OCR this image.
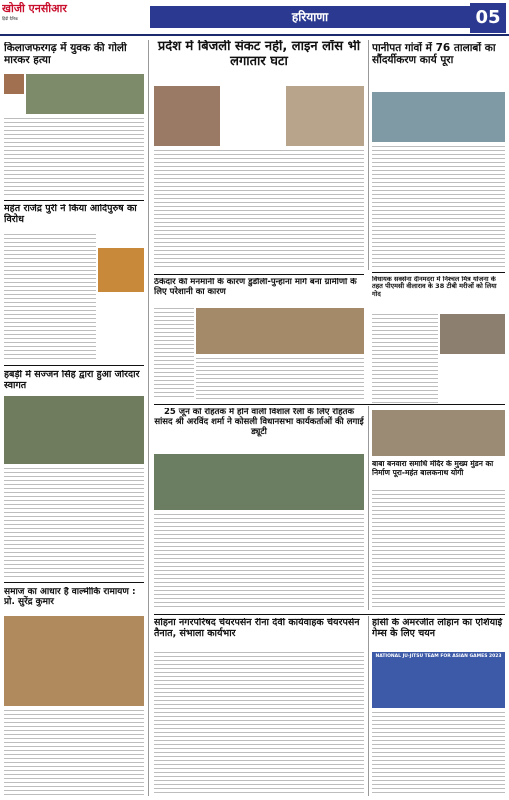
खोजी एनसीआर
हिंदी दैनिक	हरियाणा	05
किलाजफरगढ़ में युवक की गोली मारकर हत्या
महंत राजेंद्र पुरी ने किया आदिपुरुष का विरोध
हबड़ी में सज्जन सिंह द्वारा हुआ जोरदार स्वागत
समाज का आधार है वाल्मीकि रामायण : प्रो. सुरेंद्र कुमार
प्रदेश में बिजली संकट नहीं, लाइन लॉस भी लगातार घटा
ठेकेदार की मनमानी के कारण डुडौली-पुन्हाना मार्ग बना ग्रामीणों के लिए परेशानी का कारण
पानीपत गांवों में 76 तालाबों का सौंदर्यीकरण कार्य पूरा
विधायक सक्सेना दीनमदरा में निश्चल मित्र योजना के तहत पीएमसी वीलाराव के 38 टीबी मरीजों को लिया गोद
25 जून को रोहतक में होने वाली विशाल रैली के लिए रोहतक सांसद श्री अरविंद शर्मा ने कोसली विधानसभा कार्यकर्ताओं की लगाई ड्यूटी
बाबा बनवारा समाधि मंदिर के मुख्य मुंडन का निर्माण पूरा-महंत बालकनाथ योगी
सोहना नगरपरिषद चेयरपर्सन रीना देवी कार्यवाहक चेयरपर्सन तैनात, संभाला कार्यभार
हांसी के अमरजीत लोहान का एशियाई गेम्स के लिए चयन
NATIONAL JU-JITSU TEAM FOR ASIAN GAMES 2023
